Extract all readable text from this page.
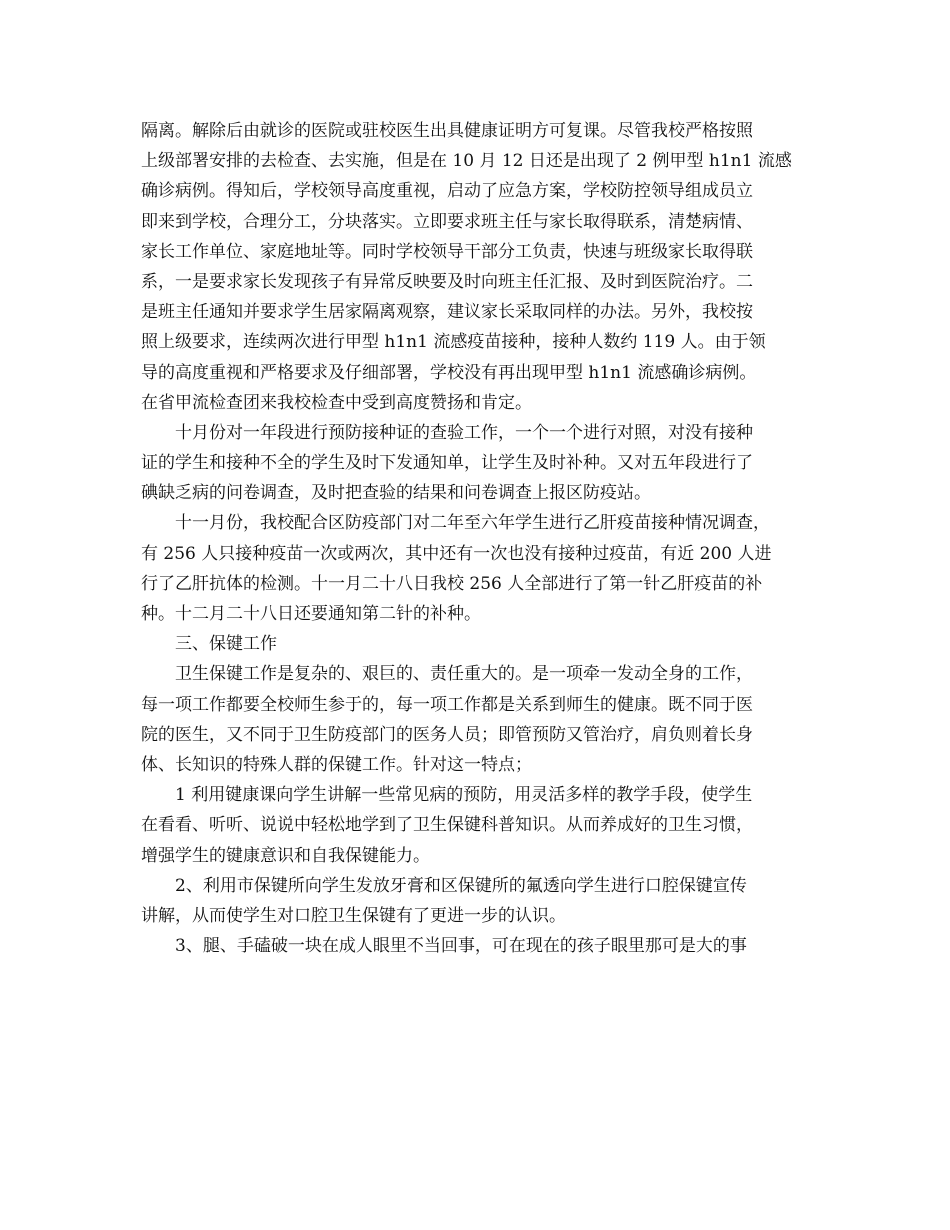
隔离。解除后由就诊的医院或驻校医生出具健康证明方可复课。尽管我校严格按照
上级部署安排的去检查、去实施，但是在 10 月 12 日还是出现了 2 例甲型 h1n1 流感
确诊病例。得知后，学校领导高度重视，启动了应急方案，学校防控领导组成员立
即来到学校，合理分工，分块落实。立即要求班主任与家长取得联系，清楚病情、
家长工作单位、家庭地址等。同时学校领导干部分工负责，快速与班级家长取得联
系，一是要求家长发现孩子有异常反映要及时向班主任汇报、及时到医院治疗。二
是班主任通知并要求学生居家隔离观察，建议家长采取同样的办法。另外，我校按
照上级要求，连续两次进行甲型 h1n1 流感疫苗接种，接种人数约 119 人。由于领
导的高度重视和严格要求及仔细部署，学校没有再出现甲型 h1n1 流感确诊病例。
在省甲流检查团来我校检查中受到高度赞扬和肯定。
十月份对一年段进行预防接种证的查验工作，一个一个进行对照，对没有接种
证的学生和接种不全的学生及时下发通知单，让学生及时补种。又对五年段进行了
碘缺乏病的问卷调查，及时把查验的结果和问卷调查上报区防疫站。
十一月份，我校配合区防疫部门对二年至六年学生进行乙肝疫苗接种情况调查，
有 256 人只接种疫苗一次或两次，其中还有一次也没有接种过疫苗，有近 200 人进
行了乙肝抗体的检测。十一月二十八日我校 256 人全部进行了第一针乙肝疫苗的补
种。十二月二十八日还要通知第二针的补种。
三、保键工作
卫生保键工作是复杂的、艰巨的、责任重大的。是一项牵一发动全身的工作，
每一项工作都要全校师生参于的，每一项工作都是关系到师生的健康。既不同于医
院的医生，又不同于卫生防疫部门的医务人员；即管预防又管治疗，肩负则着长身
体、长知识的特殊人群的保键工作。针对这一特点；
1 利用键康课向学生讲解一些常见病的预防，用灵活多样的教学手段，使学生
在看看、听听、说说中轻松地学到了卫生保键科普知识。从而养成好的卫生习惯，
增强学生的键康意识和自我保键能力。
2、利用市保键所向学生发放牙膏和区保键所的氟透向学生进行口腔保键宣传
讲解，从而使学生对口腔卫生保键有了更进一步的认识。
3、腿、手磕破一块在成人眼里不当回事，可在现在的孩子眼里那可是大的事
